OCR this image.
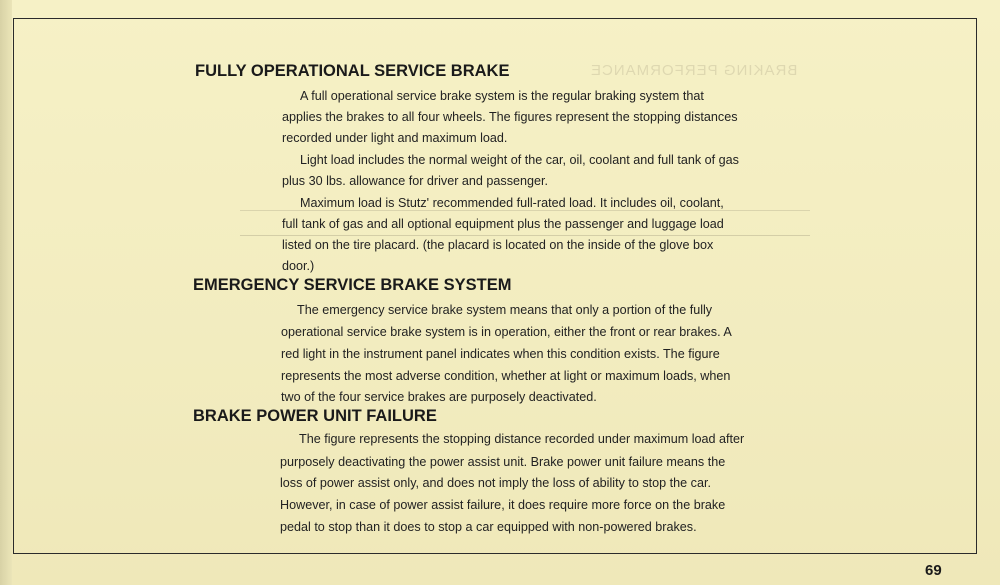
BRAKING PERFORMANCE
FULLY OPERATIONAL SERVICE BRAKE
A full operational service brake system is the regular braking system that
applies the brakes to all four wheels. The figures represent the stopping distances
recorded under light and maximum load.
Light load includes the normal weight of the car, oil, coolant and full tank of gas
plus 30 lbs. allowance for driver and passenger.
Maximum load is Stutz' recommended full-rated load. It includes oil, coolant,
full tank of gas and all optional equipment plus the passenger and luggage load
listed on the tire placard. (the placard is located on the inside of the glove box
door.)
EMERGENCY SERVICE BRAKE SYSTEM
The emergency service brake system means that only a portion of the fully
operational service brake system is in operation, either the front or rear brakes. A
red light in the instrument panel indicates when this condition exists. The figure
represents the most adverse condition, whether at light or maximum loads, when
two of the four service brakes are purposely deactivated.
BRAKE POWER UNIT FAILURE
The figure represents the stopping distance recorded under maximum load after
purposely deactivating the power assist unit. Brake power unit failure means the
loss of power assist only, and does not imply the loss of ability to stop the car.
However, in case of power assist failure, it does require more force on the brake
pedal to stop than it does to stop a car equipped with non-powered brakes.
69
